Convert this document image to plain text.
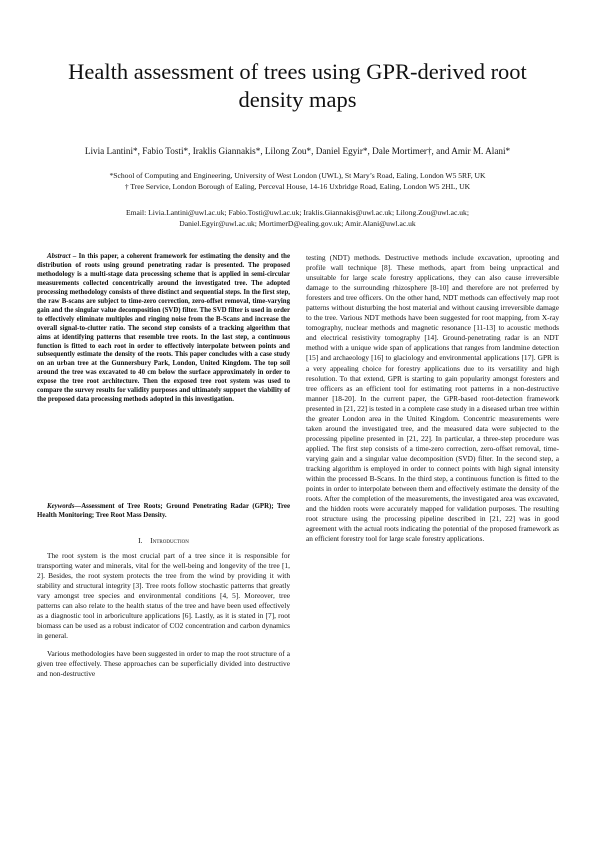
Health assessment of trees using GPR-derived root
density maps
Livia Lantini*, Fabio Tosti*, Iraklis Giannakis*, Lilong Zou*, Daniel Egyir*, Dale Mortimer†, and Amir M. Alani*
*School of Computing and Engineering, University of West London (UWL), St Mary’s Road, Ealing, London W5 5RF, UK
† Tree Service, London Borough of Ealing, Perceval House, 14-16 Uxbridge Road, Ealing, London W5 2HL, UK
Email: Livia.Lantini@uwl.ac.uk; Fabio.Tosti@uwl.ac.uk; Iraklis.Giannakis@uwl.ac.uk; Lilong.Zou@uwl.ac.uk;
Daniel.Egyir@uwl.ac.uk; MortimerD@ealing.gov.uk; Amir.Alani@uwl.ac.uk
Abstract – In this paper, a coherent framework for estimating the density and the distribution of roots using ground penetrating radar is presented. The proposed methodology is a multi-stage data processing scheme that is applied in semi-circular measurements collected concentrically around the investigated tree. The adopted processing methodology consists of three distinct and sequential steps. In the first step, the raw B-scans are subject to time-zero correction, zero-offset removal, time-varying gain and the singular value decomposition (SVD) filter. The SVD filter is used in order to effectively eliminate multiples and ringing noise from the B-Scans and increase the overall signal-to-clutter ratio. The second step consists of a tracking algorithm that aims at identifying patterns that resemble tree roots. In the last step, a continuous function is fitted to each root in order to effectively interpolate between points and subsequently estimate the density of the roots. This paper concludes with a case study on an urban tree at the Gunnersbury Park, London, United Kingdom. The top soil around the tree was excavated to 40 cm below the surface approximately in order to expose the tree root architecture. Then the exposed tree root system was used to compare the survey results for validity purposes and ultimately support the viability of the proposed data processing methods adopted in this investigation.
Keywords—Assessment of Tree Roots; Ground Penetrating Radar (GPR); Tree Health Monitoring; Tree Root Mass Density.
I. Introduction
The root system is the most crucial part of a tree since it is responsible for transporting water and minerals, vital for the well-being and longevity of the tree [1, 2]. Besides, the root system protects the tree from the wind by providing it with stability and structural integrity [3]. Tree roots follow stochastic patterns that greatly vary amongst tree species and environmental conditions [4, 5]. Moreover, tree patterns can also relate to the health status of the tree and have been used effectively as a diagnostic tool in arboriculture applications [6]. Lastly, as it is stated in [7], root biomass can be used as a robust indicator of CO2 concentration and carbon dynamics in general.
Various methodologies have been suggested in order to map the root structure of a given tree effectively. These approaches can be superficially divided into destructive and non-destructive
testing (NDT) methods. Destructive methods include excavation, uprooting and profile wall technique [8]. These methods, apart from being unpractical and unsuitable for large scale forestry applications, they can also cause irreversible damage to the surrounding rhizosphere [8-10] and therefore are not preferred by foresters and tree officers. On the other hand, NDT methods can effectively map root patterns without disturbing the host material and without causing irreversible damage to the tree. Various NDT methods have been suggested for root mapping, from X-ray tomography, nuclear methods and magnetic resonance [11-13] to acoustic methods and electrical resistivity tomography [14]. Ground-penetrating radar is an NDT method with a unique wide span of applications that ranges from landmine detection [15] and archaeology [16] to glaciology and environmental applications [17]. GPR is a very appealing choice for forestry applications due to its versatility and high resolution. To that extend, GPR is starting to gain popularity amongst foresters and tree officers as an efficient tool for estimating root patterns in a non-destructive manner [18-20]. In the current paper, the GPR-based root-detection framework presented in [21, 22] is tested in a complete case study in a diseased urban tree within the greater London area in the United Kingdom. Concentric measurements were taken around the investigated tree, and the measured data were subjected to the processing pipeline presented in [21, 22]. In particular, a three-step procedure was applied. The first step consists of a time-zero correction, zero-offset removal, time-varying gain and a singular value decomposition (SVD) filter. In the second step, a tracking algorithm is employed in order to connect points with high signal intensity within the processed B-Scans. In the third step, a continuous function is fitted to the points in order to interpolate between them and effectively estimate the density of the roots. After the completion of the measurements, the investigated area was excavated, and the hidden roots were accurately mapped for validation purposes. The resulting root structure using the processing pipeline described in [21, 22] was in good agreement with the actual roots indicating the potential of the proposed framework as an efficient forestry tool for large scale forestry applications.
